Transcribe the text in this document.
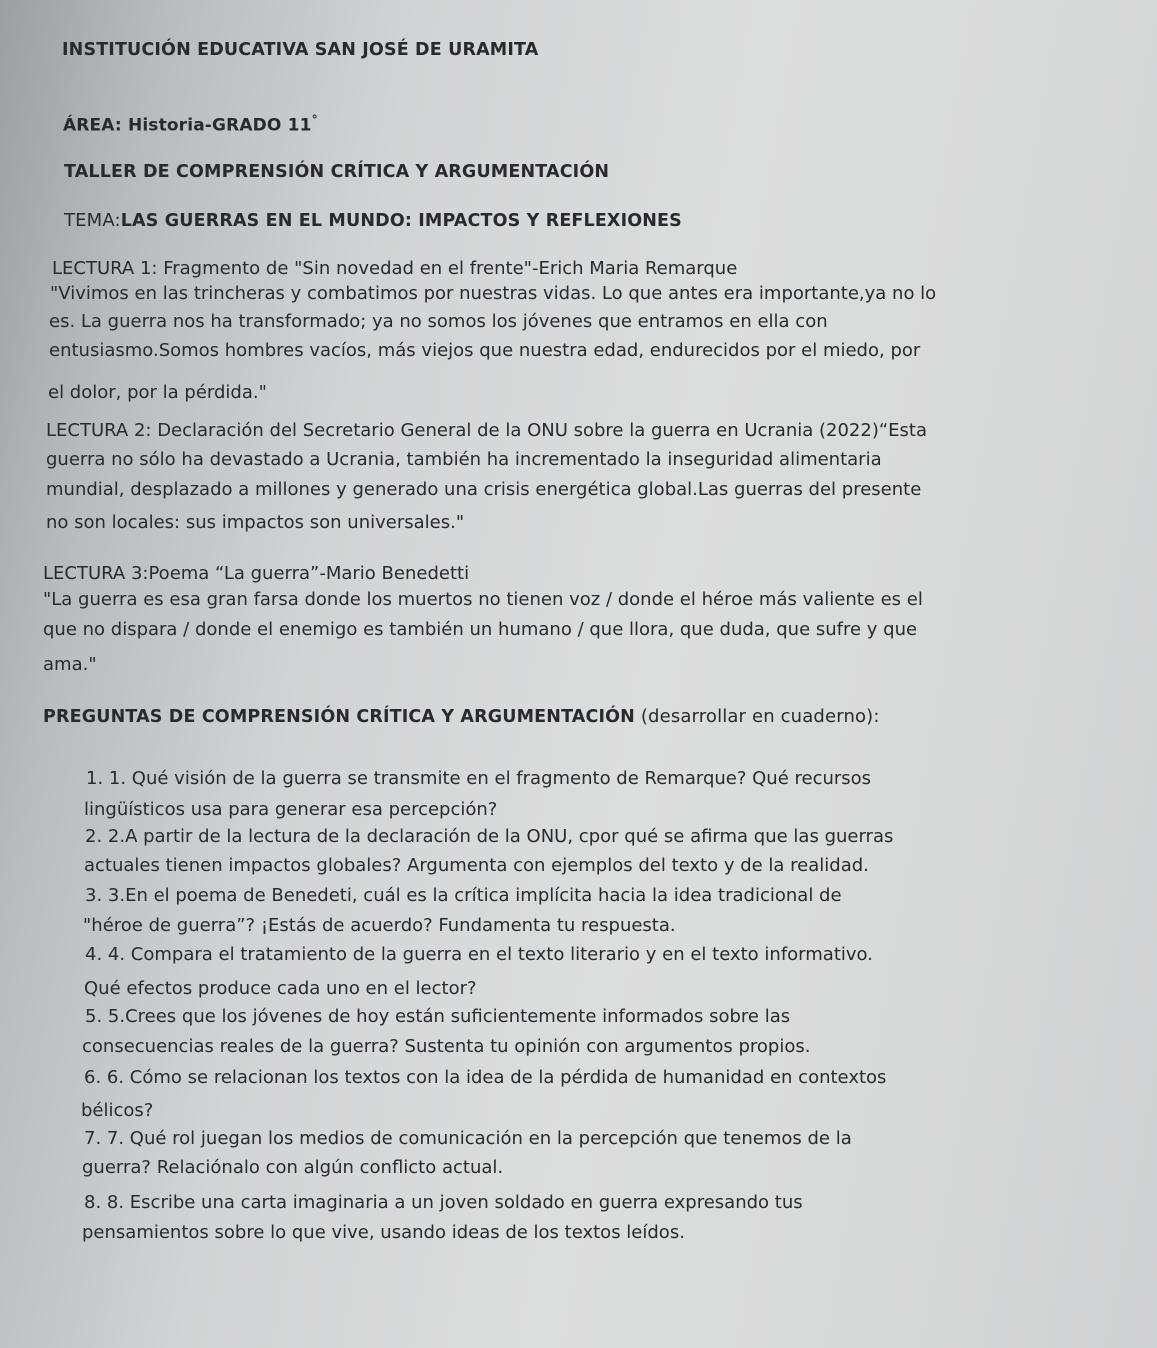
INSTITUCIÓN EDUCATIVA SAN JOSÉ DE URAMITA
ÁREA: Historia-GRADO 11°
TALLER DE COMPRENSIÓN CRÍTICA Y ARGUMENTACIÓN
TEMA:LAS GUERRAS EN EL MUNDO: IMPACTOS Y REFLEXIONES
LECTURA 1: Fragmento de "Sin novedad en el frente"-Erich Maria Remarque
"Vivimos en las trincheras y combatimos por nuestras vidas. Lo que antes era importante,ya no lo
es. La guerra nos ha transformado; ya no somos los jóvenes que entramos en ella con
entusiasmo.Somos hombres vacíos, más viejos que nuestra edad, endurecidos por el miedo, por
el dolor, por la pérdida."
LECTURA 2: Declaración del Secretario General de la ONU sobre la guerra en Ucrania (2022)“Esta
guerra no sólo ha devastado a Ucrania, también ha incrementado la inseguridad alimentaria
mundial, desplazado a millones y generado una crisis energética global.Las guerras del presente
no son locales: sus impactos son universales."
LECTURA 3:Poema “La guerra”-Mario Benedetti
"La guerra es esa gran farsa donde los muertos no tienen voz / donde el héroe más valiente es el
que no dispara / donde el enemigo es también un humano / que llora, que duda, que sufre y que
ama."
PREGUNTAS DE COMPRENSIÓN CRÍTICA Y ARGUMENTACIÓN (desarrollar en cuaderno):
1. 1. Qué visión de la guerra se transmite en el fragmento de Remarque? Qué recursos
lingüísticos usa para generar esa percepción?
2. 2.A partir de la lectura de la declaración de la ONU, cpor qué se afirma que las guerras
actuales tienen impactos globales? Argumenta con ejemplos del texto y de la realidad.
3. 3.En el poema de Benedeti, cuál es la crítica implícita hacia la idea tradicional de
"héroe de guerra”? ¡Estás de acuerdo? Fundamenta tu respuesta.
4. 4. Compara el tratamiento de la guerra en el texto literario y en el texto informativo.
Qué efectos produce cada uno en el lector?
5. 5.Crees que los jóvenes de hoy están suficientemente informados sobre las
consecuencias reales de la guerra? Sustenta tu opinión con argumentos propios.
6. 6. Cómo se relacionan los textos con la idea de la pérdida de humanidad en contextos
bélicos?
7. 7. Qué rol juegan los medios de comunicación en la percepción que tenemos de la
guerra? Relaciónalo con algún conflicto actual.
8. 8. Escribe una carta imaginaria a un joven soldado en guerra expresando tus
pensamientos sobre lo que vive, usando ideas de los textos leídos.
